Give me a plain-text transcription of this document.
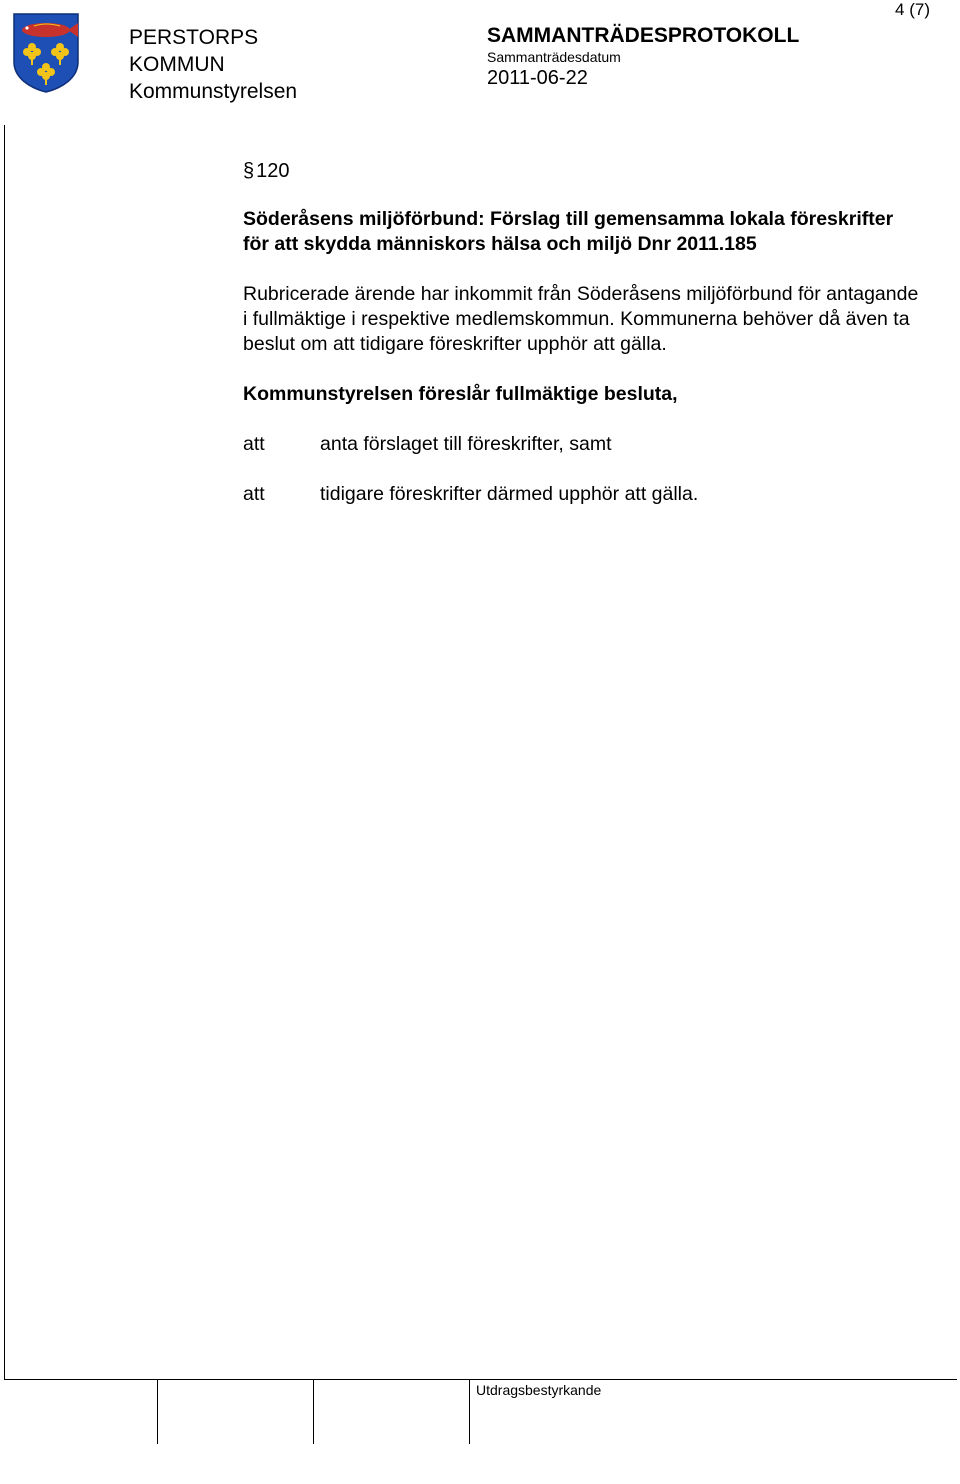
PERSTORPS
KOMMUN
Kommunstyrelsen
SAMMANTRÄDESPROTOKOLL
Sammanträdesdatum
2011-06-22
4 (7)
§ 120
Söderåsens miljöförbund: Förslag till gemensamma lokala föreskrifter för att skydda människors hälsa och miljö Dnr 2011.185
Rubricerade ärende har inkommit från Söderåsens miljöförbund för antagande i fullmäktige i respektive medlemskommun. Kommunerna behöver då även ta beslut om att tidigare föreskrifter upphör att gälla.
Kommunstyrelsen föreslår fullmäktige besluta,
att	anta förslaget till föreskrifter, samt
att	tidigare föreskrifter därmed upphör att gälla.
Utdragsbestyrkande
